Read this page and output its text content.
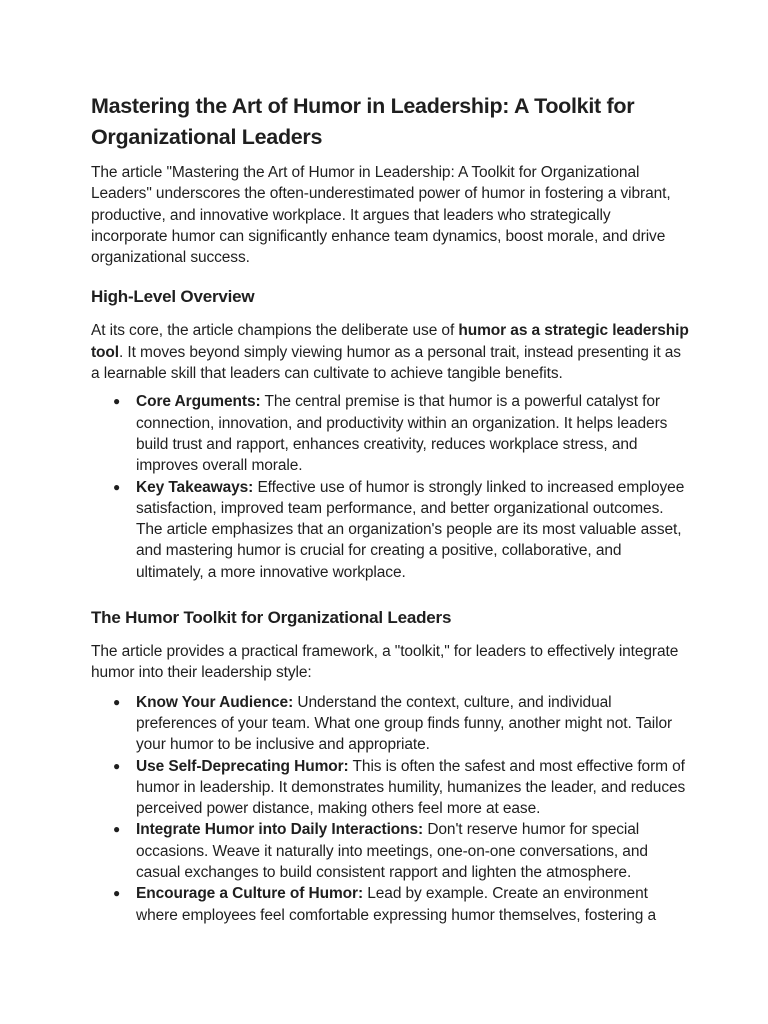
Mastering the Art of Humor in Leadership: A Toolkit for Organizational Leaders

The article "Mastering the Art of Humor in Leadership: A Toolkit for Organizational Leaders" underscores the often-underestimated power of humor in fostering a vibrant, productive, and innovative workplace. It argues that leaders who strategically incorporate humor can significantly enhance team dynamics, boost morale, and drive organizational success.

High-Level Overview

At its core, the article champions the deliberate use of humor as a strategic leadership tool. It moves beyond simply viewing humor as a personal trait, instead presenting it as a learnable skill that leaders can cultivate to achieve tangible benefits.

● Core Arguments: The central premise is that humor is a powerful catalyst for connection, innovation, and productivity within an organization. It helps leaders build trust and rapport, enhances creativity, reduces workplace stress, and improves overall morale.
● Key Takeaways: Effective use of humor is strongly linked to increased employee satisfaction, improved team performance, and better organizational outcomes. The article emphasizes that an organization's people are its most valuable asset, and mastering humor is crucial for creating a positive, collaborative, and ultimately, a more innovative workplace.
The Humor Toolkit for Organizational Leaders

The article provides a practical framework, a "toolkit," for leaders to effectively integrate humor into their leadership style:

● Know Your Audience: Understand the context, culture, and individual preferences of your team. What one group finds funny, another might not. Tailor your humor to be inclusive and appropriate.
● Use Self-Deprecating Humor: This is often the safest and most effective form of humor in leadership. It demonstrates humility, humanizes the leader, and reduces perceived power distance, making others feel more at ease.
● Integrate Humor into Daily Interactions: Don't reserve humor for special occasions. Weave it naturally into meetings, one-on-one conversations, and casual exchanges to build consistent rapport and lighten the atmosphere.
● Encourage a Culture of Humor: Lead by example. Create an environment where employees feel comfortable expressing humor themselves, fostering a
